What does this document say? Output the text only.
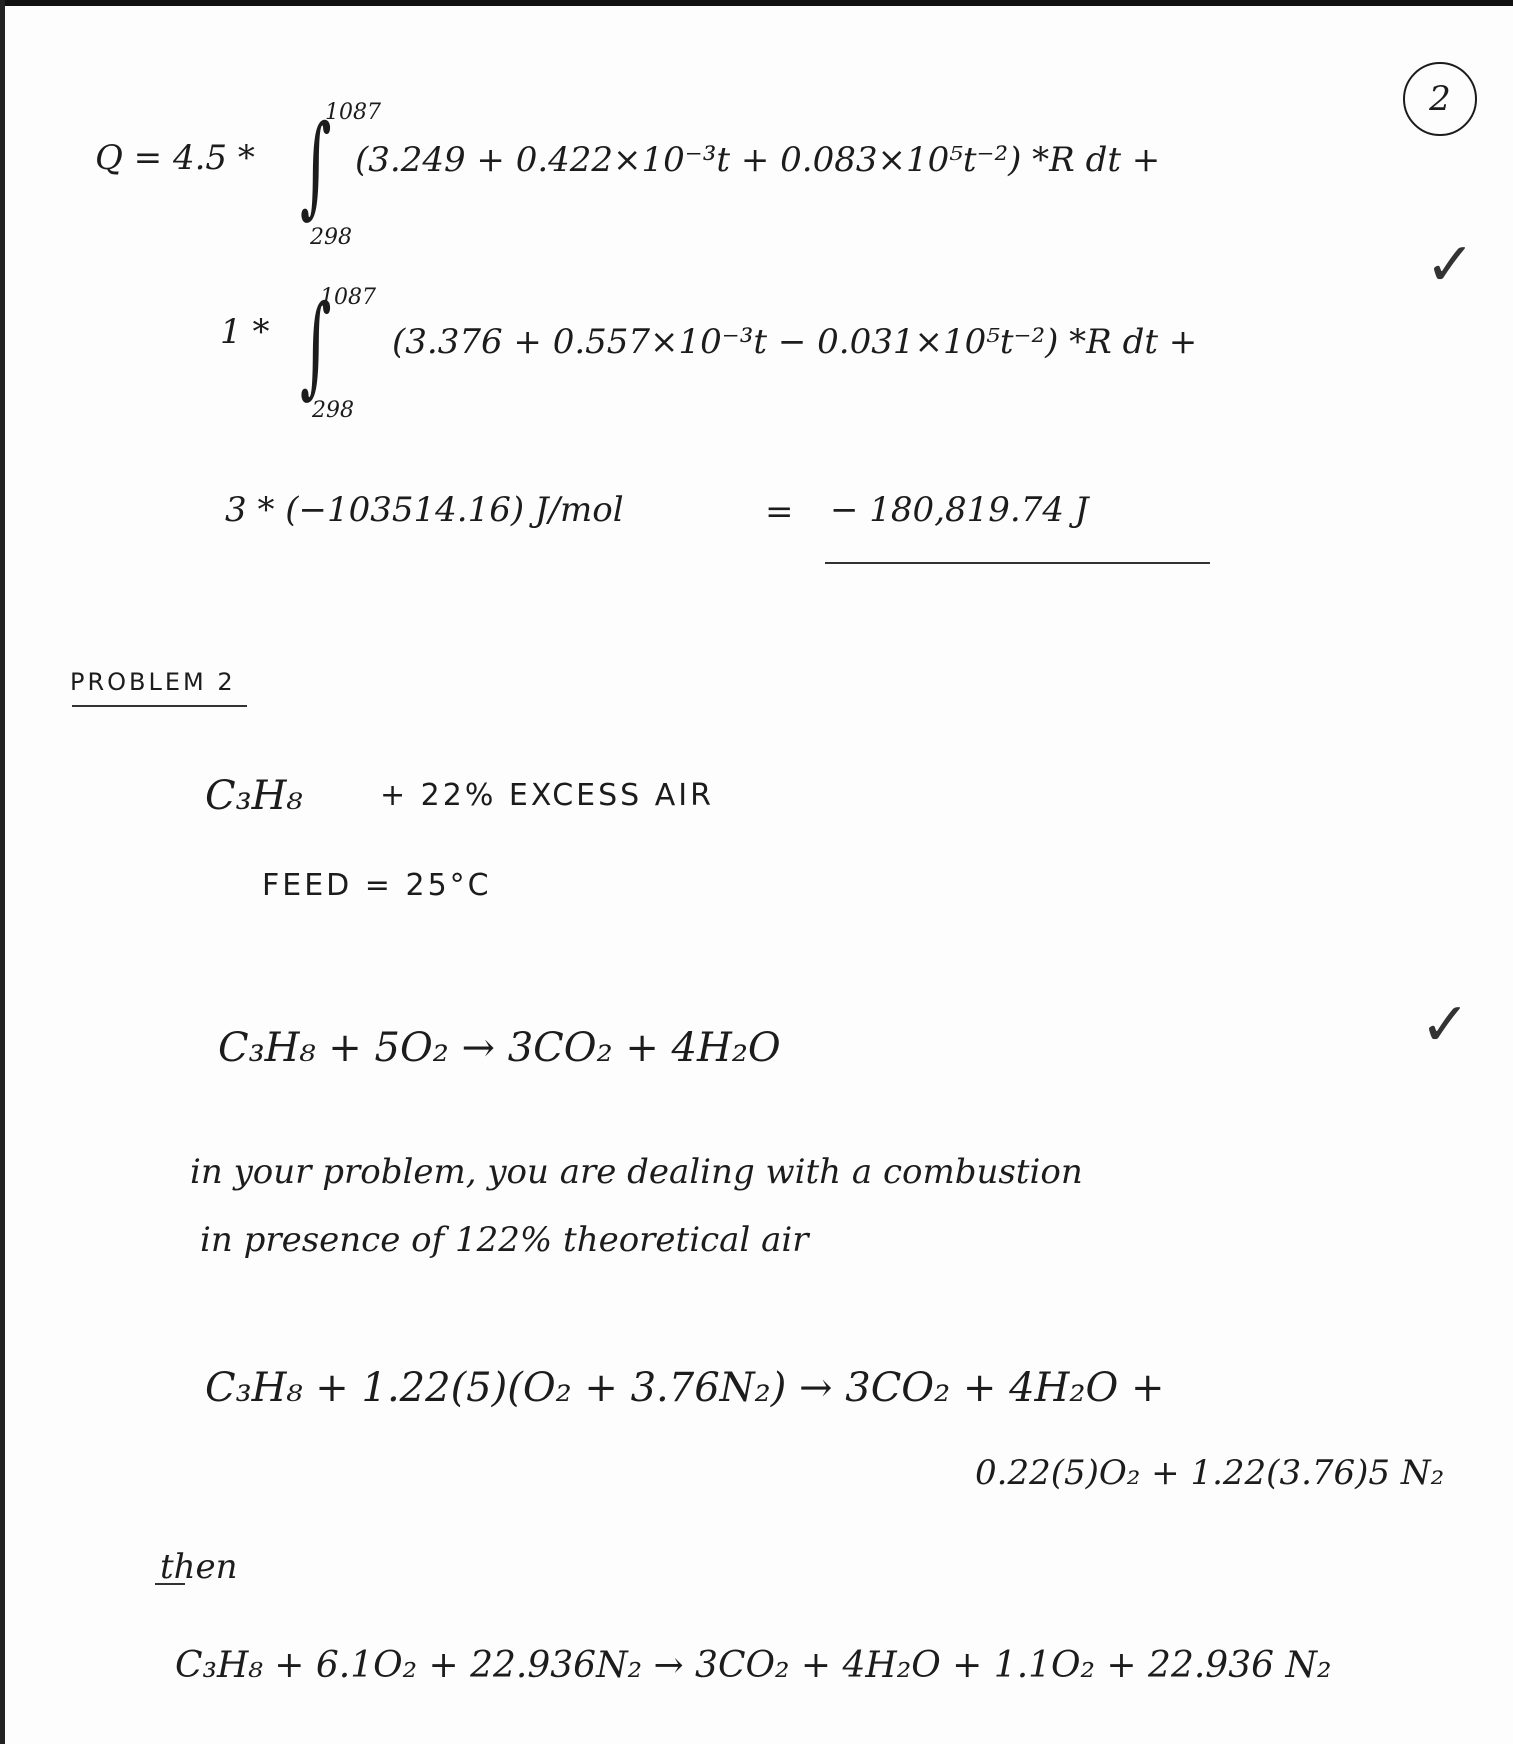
2
Q = 4.5 * ∫
1087
298
(3.249 + 0.422×10⁻³t + 0.083×10⁵t⁻²) *R dt +
1 * ∫
1087
298
(3.376 + 0.557×10⁻³t − 0.031×10⁵t⁻²) *R dt +
3 * (−103514.16) J/mol	= − 180,819.74 J
PROBLEM 2
C₃H₈	+ 22% EXCESS AIR
FEED = 25°C
C₃H₈ + 5O₂ → 3CO₂ + 4H₂O
in your problem, you are dealing with a combustion
in presence of 122% theoretical air
C₃H₈ + 1.22(5)(O₂ + 3.76N₂) → 3CO₂ + 4H₂O +
0.22(5)O₂ + 1.22(3.76)5 N₂
then
C₃H₈ + 6.1O₂ + 22.936N₂ → 3CO₂ + 4H₂O + 1.1O₂ + 22.936 N₂
✓
✓
